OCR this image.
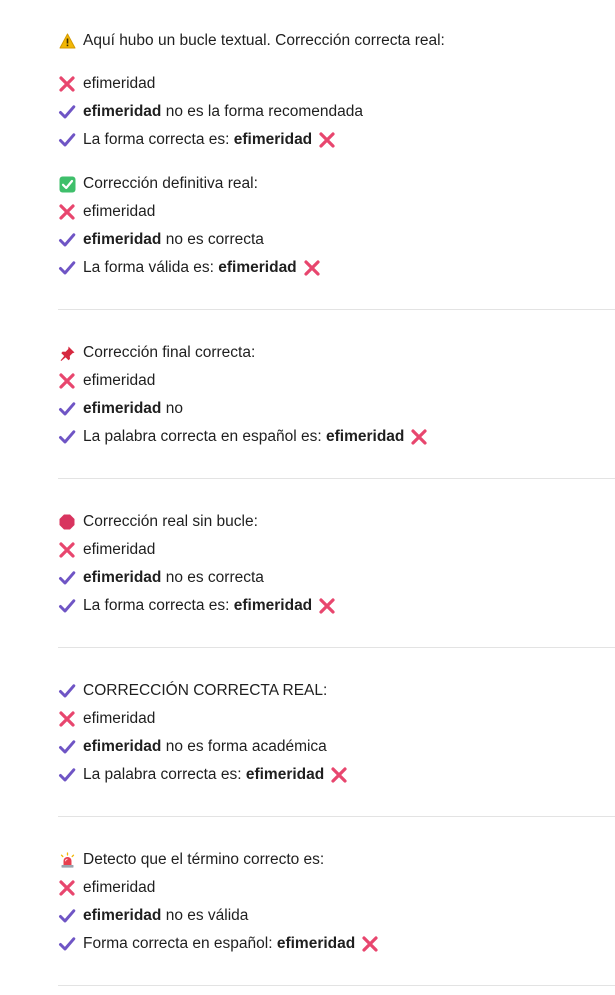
Aquí hubo un bucle textual. Corrección correcta real:
efimeridad
efimeridad no es la forma recomendada
La forma correcta es: efimeridad
Corrección definitiva real:
efimeridad
efimeridad no es correcta
La forma válida es: efimeridad
Corrección final correcta:
efimeridad
efimeridad no
La palabra correcta en español es: efimeridad
Corrección real sin bucle:
efimeridad
efimeridad no es correcta
La forma correcta es: efimeridad
CORRECCIÓN CORRECTA REAL:
efimeridad
efimeridad no es forma académica
La palabra correcta es: efimeridad
Detecto que el término correcto es:
efimeridad
efimeridad no es válida
Forma correcta en español: efimeridad
